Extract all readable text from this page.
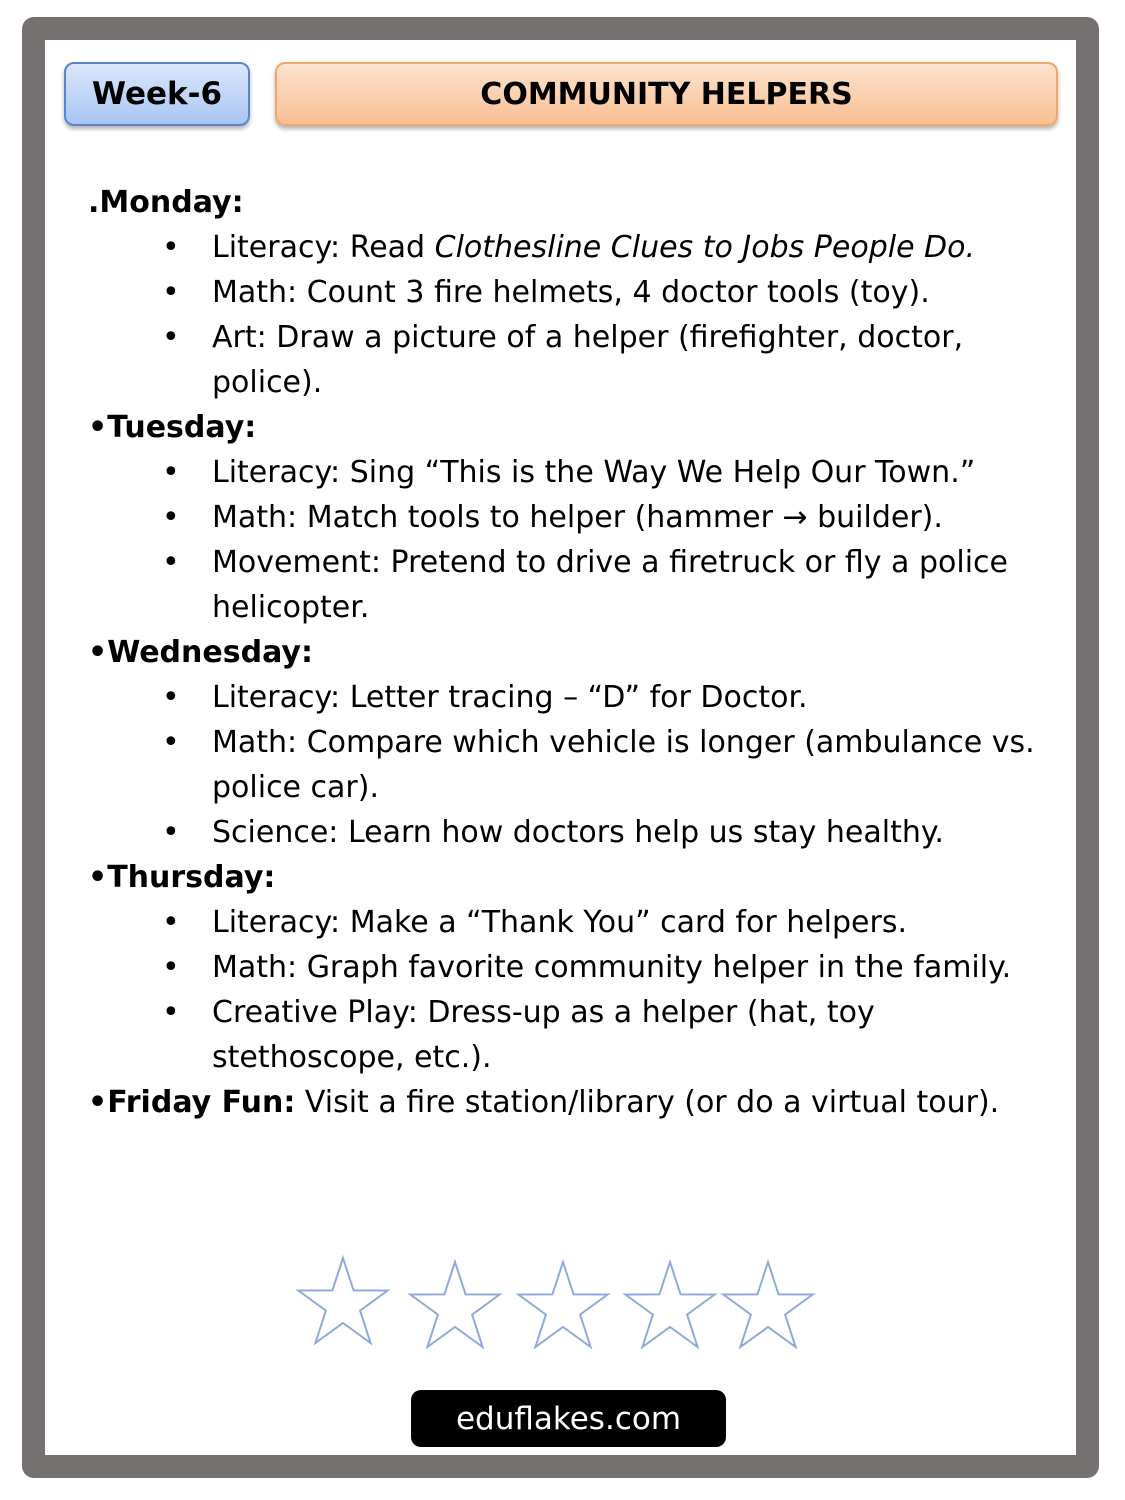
Week-6	COMMUNITY HELPERS
.Monday:
• Literacy: Read Clothesline Clues to Jobs People Do.
• Math: Count 3 fire helmets, 4 doctor tools (toy).
• Art: Draw a picture of a helper (firefighter, doctor, police).
•Tuesday:
• Literacy: Sing “This is the Way We Help Our Town.”
• Math: Match tools to helper (hammer → builder).
• Movement: Pretend to drive a firetruck or fly a police helicopter.
•Wednesday:
• Literacy: Letter tracing – “D” for Doctor.
• Math: Compare which vehicle is longer (ambulance vs. police car).
• Science: Learn how doctors help us stay healthy.
•Thursday:
• Literacy: Make a “Thank You” card for helpers.
• Math: Graph favorite community helper in the family.
• Creative Play: Dress-up as a helper (hat, toy stethoscope, etc.).
•Friday Fun: Visit a fire station/library (or do a virtual tour).
eduflakes.com
